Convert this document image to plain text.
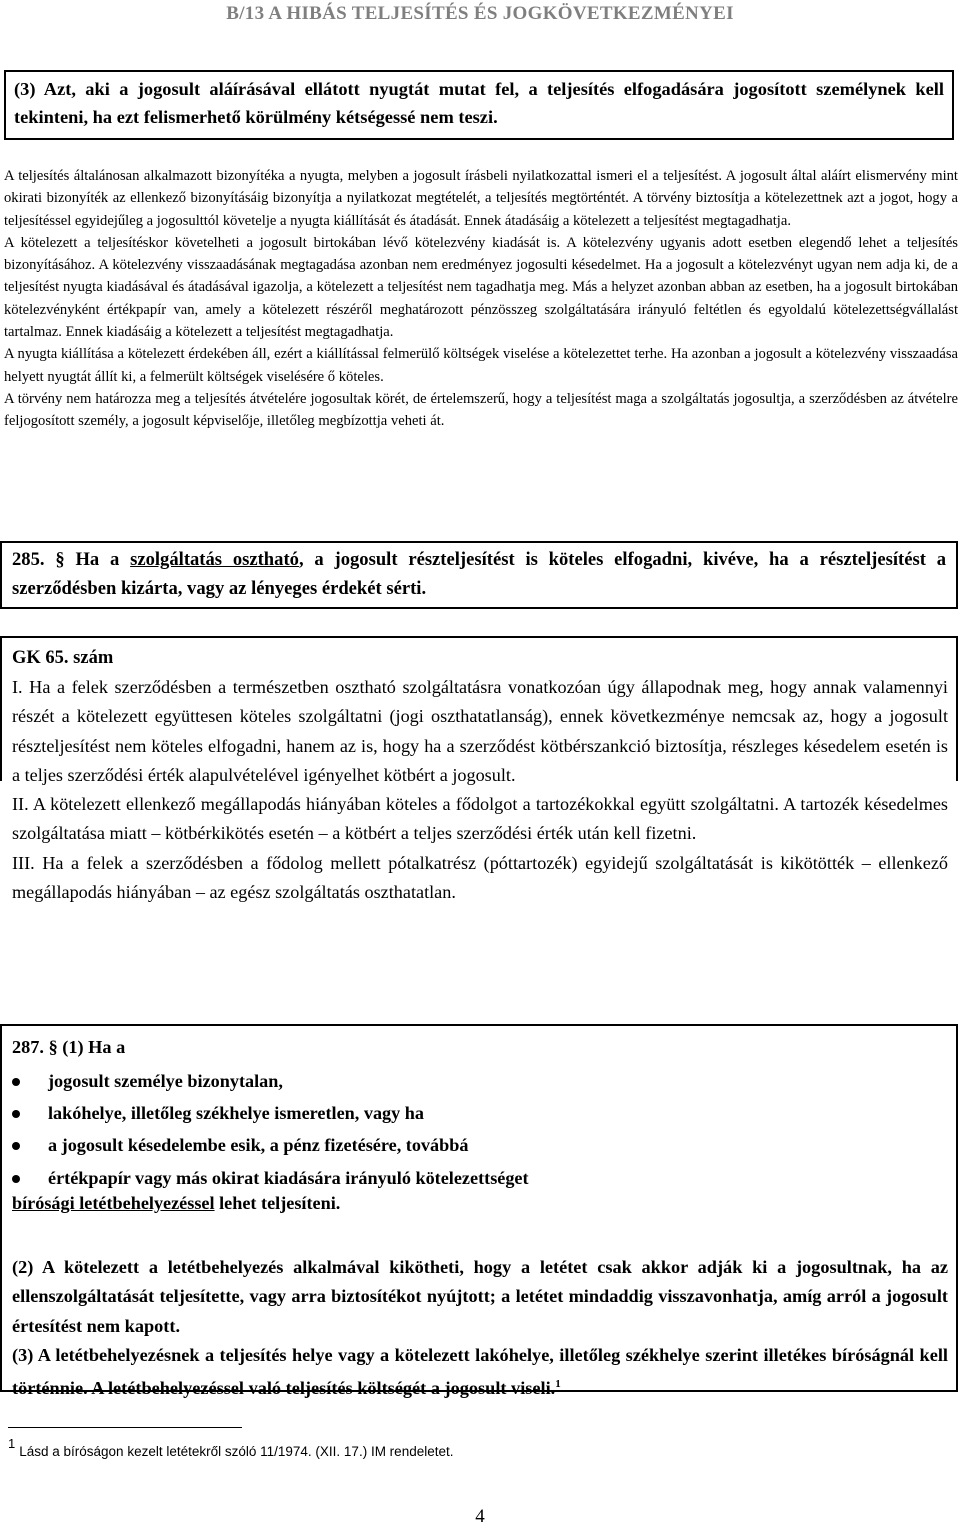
B/13 A HIBÁS TELJESÍTÉS ÉS JOGKÖVETKEZMÉNYEI

(3) Azt, aki a jogosult aláírásával ellátott nyugtát mutat fel, a teljesítés elfogadására jogosított személynek kell tekinteni, ha ezt felismerhető körülmény kétségessé nem teszi.

A teljesítés általánosan alkalmazott bizonyítéka a nyugta, melyben a jogosult írásbeli nyilatkozattal ismeri el a teljesítést. A jogosult által aláírt elismervény mint okirati bizonyíték az ellenkező bizonyításáig bizonyítja a nyilatkozat megtételét, a teljesítés megtörténtét. A törvény biztosítja a kötelezettnek azt a jogot, hogy a teljesítéssel egyidejűleg a jogosulttól követelje a nyugta kiállítását és átadását. Ennek átadásáig a kötelezett a teljesítést megtagadhatja.

A kötelezett a teljesítéskor követelheti a jogosult birtokában lévő kötelezvény kiadását is. A kötelezvény ugyanis adott esetben elegendő lehet a teljesítés bizonyításához. A kötelezvény visszaadásának megtagadása azonban nem eredményez jogosulti késedelmet. Ha a jogosult a kötelezvényt ugyan nem adja ki, de a teljesítést nyugta kiadásával és átadásával igazolja, a kötelezett a teljesítést nem tagadhatja meg. Más a helyzet azonban abban az esetben, ha a jogosult birtokában kötelezvényként értékpapír van, amely a kötelezett részéről meghatározott pénzösszeg szolgáltatására irányuló feltétlen és egyoldalú kötelezettségvállalást tartalmaz. Ennek kiadásáig a kötelezett a teljesítést megtagadhatja.

A nyugta kiállítása a kötelezett érdekében áll, ezért a kiállítással felmerülő költségek viselése a kötelezettet terhe. Ha azonban a jogosult a kötelezvény visszaadása helyett nyugtát állít ki, a felmerült költségek viselésére ő köteles.

A törvény nem határozza meg a teljesítés átvételére jogosultak körét, de értelemszerű, hogy a teljesítést maga a szolgáltatás jogosultja, a szerződésben az átvételre feljogosított személy, a jogosult képviselője, illetőleg megbízottja veheti át.

285. § Ha a szolgáltatás osztható, a jogosult részteljesítést is köteles elfogadni, kivéve, ha a részteljesítést a szerződésben kizárta, vagy az lényeges érdekét sérti.

GK 65. szám

I. Ha a felek szerződésben a természetben osztható szolgáltatásra vonatkozóan úgy állapodnak meg, hogy annak valamennyi részét a kötelezett együttesen köteles szolgáltatni (jogi oszthatatlanság), ennek következménye nemcsak az, hogy a jogosult részteljesítést nem köteles elfogadni, hanem az is, hogy ha a szerződést kötbérszankció biztosítja, részleges késedelem esetén is a teljes szerződési érték alapulvételével igényelhet kötbért a jogosult.

II. A kötelezett ellenkező megállapodás hiányában köteles a fődolgot a tartozékokkal együtt szolgáltatni. A tartozék késedelmes szolgáltatása miatt – kötbérkikötés esetén – a kötbért a teljes szerződési érték után kell fizetni.

III. Ha a felek a szerződésben a fődolog mellett pótalkatrész (póttartozék) egyidejű szolgáltatását is kikötötték – ellenkező megállapodás hiányában – az egész szolgáltatás oszthatatlan.

287. § (1) Ha a
jogosult személye bizonytalan,
lakóhelye, illetőleg székhelye ismeretlen, vagy ha
a jogosult késedelembe esik, a pénz fizetésére, továbbá
értékpapír vagy más okirat kiadására irányuló kötelezettséget
bírósági letétbehelyezéssel lehet teljesíteni.

(2) A kötelezett a letétbehelyezés alkalmával kikötheti, hogy a letétet csak akkor adják ki a jogosultnak, ha az ellenszolgáltatását teljesítette, vagy arra biztosítékot nyújtott; a letétet mindaddig visszavonhatja, amíg arról a jogosult értesítést nem kapott.

(3) A letétbehelyezésnek a teljesítés helye vagy a kötelezett lakóhelye, illetőleg székhelye szerint illetékes bíróságnál kell történnie. A letétbehelyezéssel való teljesítés költségét a jogosult viseli.$^1$

$^1$Lásd a bíróságon kezelt letétekről szóló 11/1974. (XII. 17.) IM rendeletet.
4
